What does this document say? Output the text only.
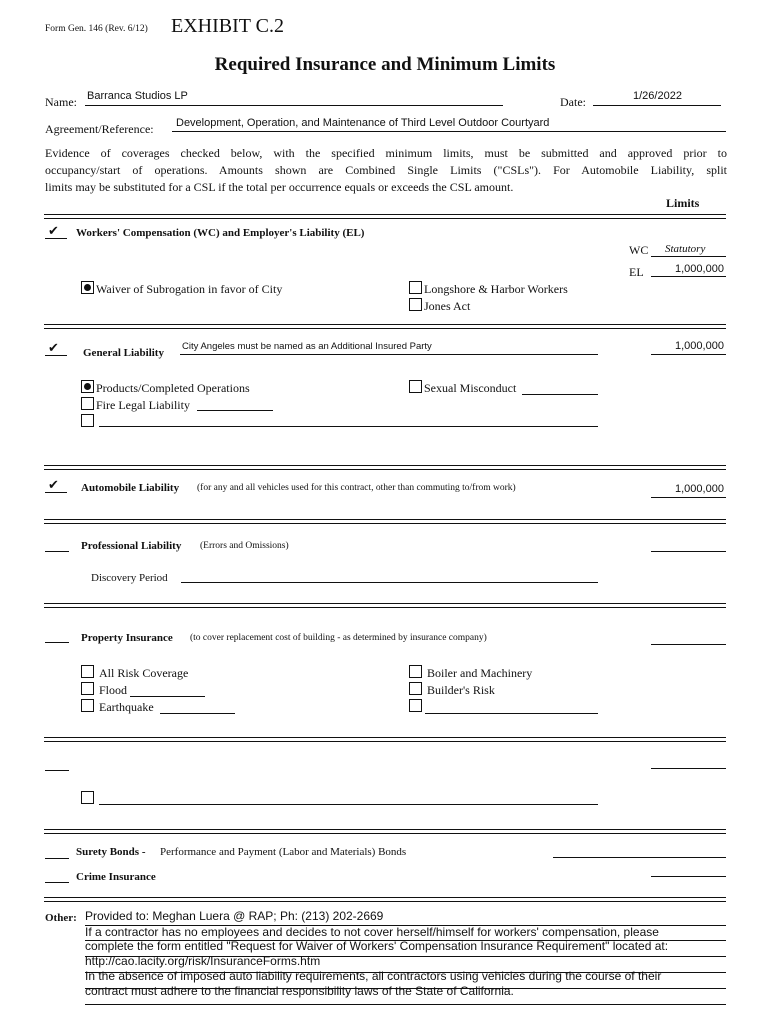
Form Gen. 146 (Rev. 6/12) EXHIBIT C.2
Required Insurance and Minimum Limits
Name: Barranca Studios LP	Date:	1/26/2022
Agreement/Reference: Development, Operation, and Maintenance of Third Level Outdoor Courtyard
Evidence of coverages checked below, with the specified minimum limits, must be submitted and approved prior to
occupancy/start of operations. Amounts shown are Combined Single Limits ("CSLs"). For Automobile Liability, split
limits may be substituted for a CSL if the total per occurrence equals or exceeds the CSL amount.
Limits
✔ Workers' Compensation (WC) and Employer's Liability (EL)
WC Statutory
EL	1,000,000
Waiver of Subrogation in favor of City	Longshore & Harbor Workers
Jones Act
✔ General Liability
City Angeles must be named as an Additional Insured Party	1,000,000
Products/Completed Operations	Sexual Misconduct
Fire Legal Liability
✔ Automobile Liability (for any and all vehicles used for this contract, other than commuting to/from work)	1,000,000
Professional Liability (Errors and Omissions)
Discovery Period
Property Insurance (to cover replacement cost of building - as determined by insurance company)
All Risk Coverage	Boiler and Machinery
Flood	Builder's Risk
Earthquake
Surety Bonds - Performance and Payment (Labor and Materials) Bonds
Crime Insurance
Other: Provided to: Meghan Luera @ RAP; Ph: (213) 202-2669
If a contractor has no employees and decides to not cover herself/himself for workers' compensation, please
complete the form entitled "Request for Waiver of Workers' Compensation Insurance Requirement" located at:
http://cao.lacity.org/risk/InsuranceForms.htm
In the absence of imposed auto liability requirements, all contractors using vehicles during the course of their
contract must adhere to the financial responsibility laws of the State of California.
